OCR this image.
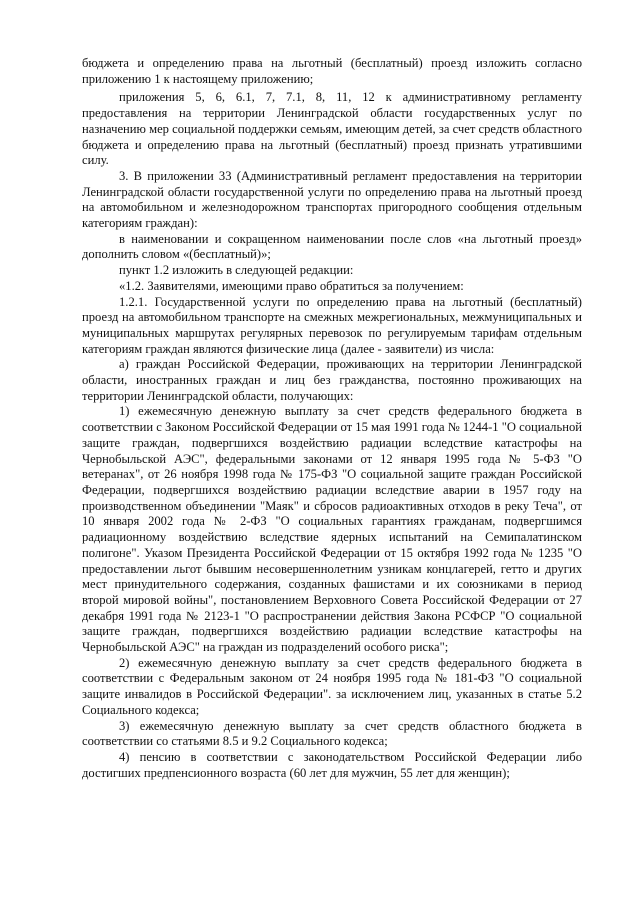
бюджета и определению права на льготный (бесплатный) проезд изложить согласно приложению 1 к настоящему приложению;

приложения 5, 6, 6.1, 7, 7.1, 8, 11, 12 к административному регламенту предоставления на территории Ленинградской области государственных услуг по назначению мер социальной поддержки семьям, имеющим детей, за счет средств областного бюджета и определению права на льготный (бесплатный) проезд признать утратившими силу.

3. В приложении 33 (Административный регламент предоставления на территории Ленинградской области государственной услуги по определению права на льготный проезд на автомобильном и железнодорожном транспортах пригородного сообщения отдельным категориям граждан):

в наименовании и сокращенном наименовании после слов «на льготный проезд» дополнить словом «(бесплатный)»;

пункт 1.2 изложить в следующей редакции:

«1.2. Заявителями, имеющими право обратиться за получением:

1.2.1. Государственной услуги по определению права на льготный (бесплатный) проезд на автомобильном транспорте на смежных межрегиональных, межмуниципальных и муниципальных маршрутах регулярных перевозок по регулируемым тарифам отдельным категориям граждан являются физические лица (далее - заявители) из числа:

а) граждан Российской Федерации, проживающих на территории Ленинградской области, иностранных граждан и лиц без гражданства, постоянно проживающих на территории Ленинградской области, получающих:

1) ежемесячную денежную выплату за счет средств федерального бюджета в соответствии с Законом Российской Федерации от 15 мая 1991 года № 1244-1 "О социальной защите граждан, подвергшихся воздействию радиации вследствие катастрофы на Чернобыльской АЭС", федеральными законами от 12 января 1995 года № 5-ФЗ "О ветеранах", от 26 ноября 1998 года № 175-ФЗ "О социальной защите граждан Российской Федерации, подвергшихся воздействию радиации вследствие аварии в 1957 году на производственном объединении "Маяк" и сбросов радиоактивных отходов в реку Теча", от 10 января 2002 года № 2-ФЗ "О социальных гарантиях гражданам, подвергшимся радиационному воздействию вследствие ядерных испытаний на Семипалатинском полигоне". Указом Президента Российской Федерации от 15 октября 1992 года № 1235 "О предоставлении льгот бывшим несовершеннолетним узникам концлагерей, гетто и других мест принудительного содержания, созданных фашистами и их союзниками в период второй мировой войны", постановлением Верховного Совета Российской Федерации от 27 декабря 1991 года № 2123-1 "О распространении действия Закона РСФСР "О социальной защите граждан, подвергшихся воздействию радиации вследствие катастрофы на Чернобыльской АЭС" на граждан из подразделений особого риска";

2) ежемесячную денежную выплату за счет средств федерального бюджета в соответствии с Федеральным законом от 24 ноября 1995 года № 181-ФЗ "О социальной защите инвалидов в Российской Федерации". за исключением лиц, указанных в статье 5.2 Социального кодекса;

3) ежемесячную денежную выплату за счет средств областного бюджета в соответствии со статьями 8.5 и 9.2 Социального кодекса;

4) пенсию в соответствии с законодательством Российской Федерации либо достигших предпенсионного возраста (60 лет для мужчин, 55 лет для женщин);
